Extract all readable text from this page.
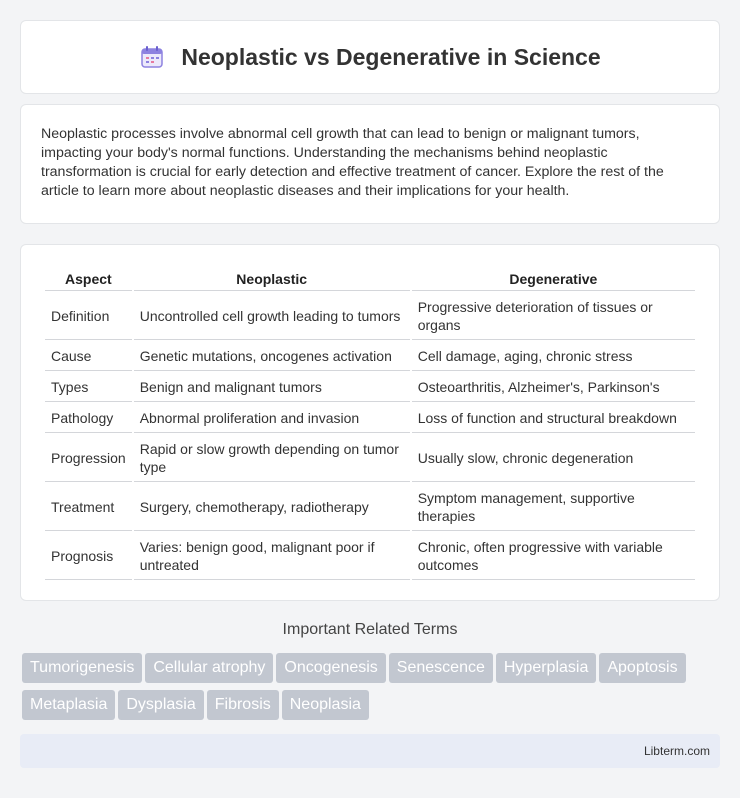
Neoplastic vs Degenerative in Science

Neoplastic processes involve abnormal cell growth that can lead to benign or malignant tumors, impacting your body's normal functions. Understanding the mechanisms behind neoplastic transformation is crucial for early detection and effective treatment of cancer. Explore the rest of the article to learn more about neoplastic diseases and their implications for your health.

Aspect	Neoplastic	Degenerative
Definition	Uncontrolled cell growth leading to tumors	Progressive deterioration of tissues or organs
Cause	Genetic mutations, oncogenes activation	Cell damage, aging, chronic stress
Types	Benign and malignant tumors	Osteoarthritis, Alzheimer's, Parkinson's
Pathology	Abnormal proliferation and invasion	Loss of function and structural breakdown
Progression	Rapid or slow growth depending on tumor type	Usually slow, chronic degeneration
Treatment	Surgery, chemotherapy, radiotherapy	Symptom management, supportive therapies
Prognosis	Varies: benign good, malignant poor if untreated	Chronic, often progressive with variable outcomes
Important Related Terms
Tumorigenesis Cellular atrophy Oncogenesis Senescence Hyperplasia Apoptosis
Metaplasia Dysplasia Fibrosis Neoplasia
Libterm.com
